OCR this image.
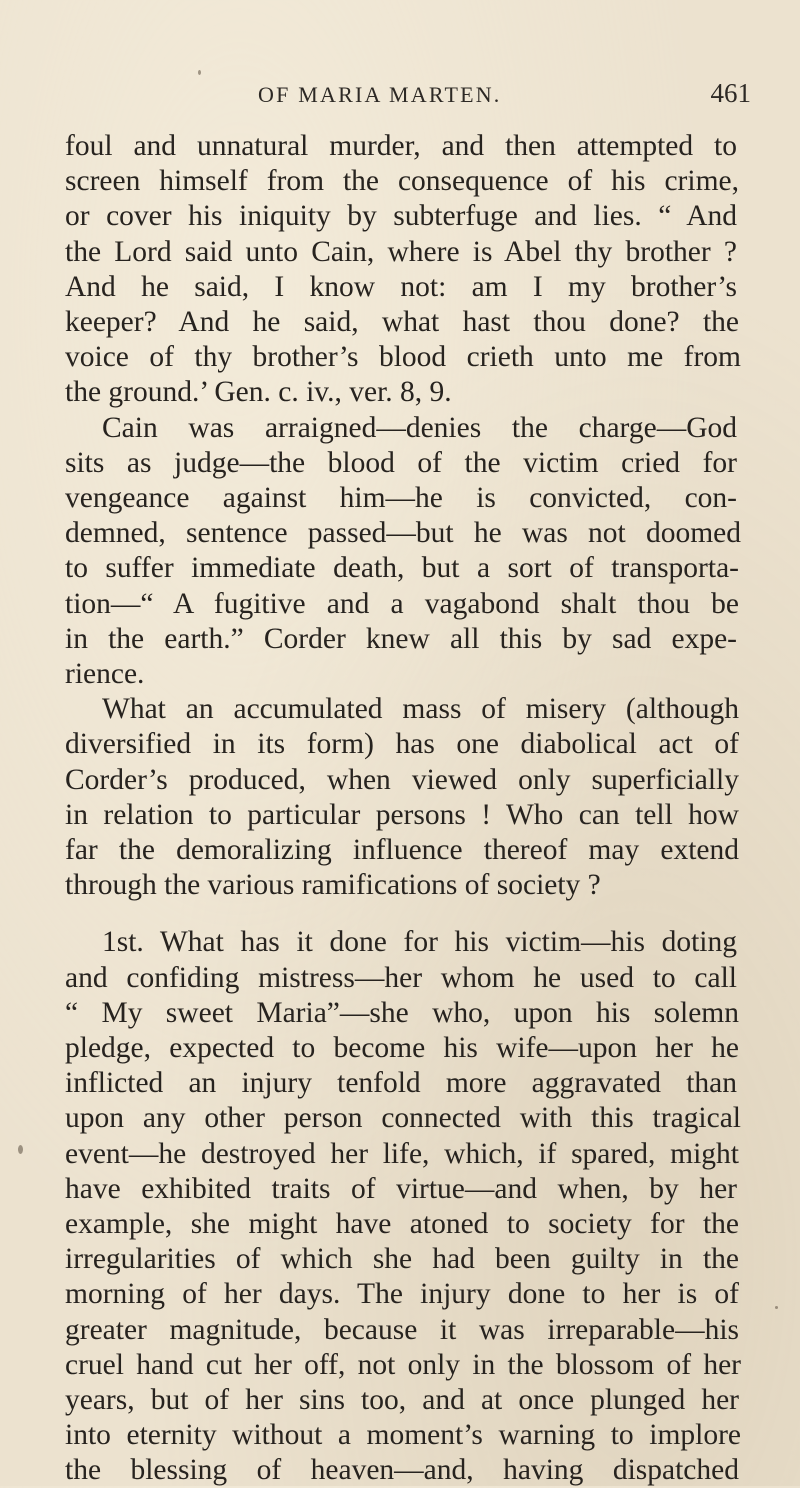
OF MARIA MARTEN.	461
foul and unnatural murder, and then attempted to
screen himself from the consequence of his crime,
or cover his iniquity by subterfuge and lies. “ And
the Lord said unto Cain, where is Abel thy brother ?
And he said, I know not: am I my brother’s
keeper? And he said, what hast thou done? the
voice of thy brother’s blood crieth unto me from
the ground.’ Gen. c. iv., ver. 8, 9.
Cain was arraigned—denies the charge—God
sits as judge—the blood of the victim cried for
vengeance against him—he is convicted, con-
demned, sentence passed—but he was not doomed
to suffer immediate death, but a sort of transporta-
tion—“ A fugitive and a vagabond shalt thou be
in the earth.” Corder knew all this by sad expe-
rience.
What an accumulated mass of misery (although
diversified in its form) has one diabolical act of
Corder’s produced, when viewed only superficially
in relation to particular persons ! Who can tell how
far the demoralizing influence thereof may extend
through the various ramifications of society ?
1st. What has it done for his victim—his doting
and confiding mistress—her whom he used to call
“ My sweet Maria”—she who, upon his solemn
pledge, expected to become his wife—upon her he
inflicted an injury tenfold more aggravated than
upon any other person connected with this tragical
event—he destroyed her life, which, if spared, might
have exhibited traits of virtue—and when, by her
example, she might have atoned to society for the
irregularities of which she had been guilty in the
morning of her days. The injury done to her is of
greater magnitude, because it was irreparable—his
cruel hand cut her off, not only in the blossom of her
years, but of her sins too, and at once plunged her
into eternity without a moment’s warning to implore
the blessing of heaven—and, having dispatched
